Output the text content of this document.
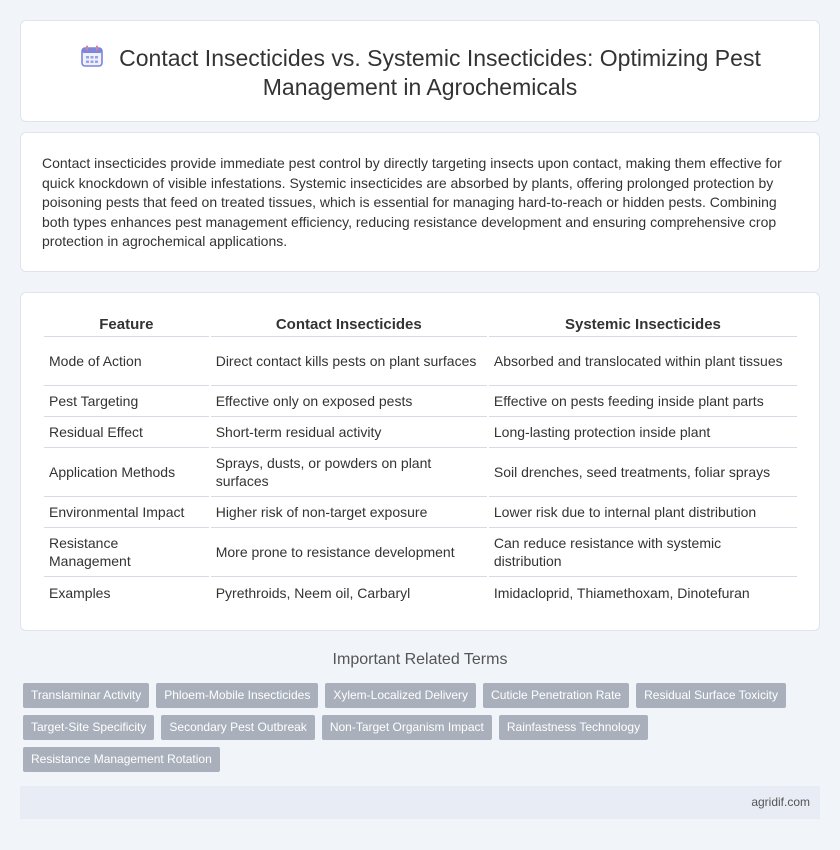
Contact Insecticides vs. Systemic Insecticides: Optimizing Pest Management in Agrochemicals

Contact insecticides provide immediate pest control by directly targeting insects upon contact, making them effective for quick knockdown of visible infestations. Systemic insecticides are absorbed by plants, offering prolonged protection by poisoning pests that feed on treated tissues, which is essential for managing hard-to-reach or hidden pests. Combining both types enhances pest management efficiency, reducing resistance development and ensuring comprehensive crop protection in agrochemical applications.

Feature	Contact Insecticides	Systemic Insecticides
Mode of Action	Direct contact kills pests on plant surfaces	Absorbed and translocated within plant tissues
Pest Targeting	Effective only on exposed pests	Effective on pests feeding inside plant parts
Residual Effect	Short-term residual activity	Long-lasting protection inside plant
Application Methods	Sprays, dusts, or powders on plant surfaces	Soil drenches, seed treatments, foliar sprays
Environmental Impact	Higher risk of non-target exposure	Lower risk due to internal plant distribution
Resistance Management	More prone to resistance development	Can reduce resistance with systemic distribution
Examples	Pyrethroids, Neem oil, Carbaryl	Imidacloprid, Thiamethoxam, Dinotefuran
Important Related Terms
Translaminar Activity	Phloem-Mobile Insecticides	Xylem-Localized Delivery	Cuticle Penetration Rate	Residual Surface Toxicity
Target-Site Specificity	Secondary Pest Outbreak	Non-Target Organism Impact	Rainfastness Technology
Resistance Management Rotation
agridif.com
